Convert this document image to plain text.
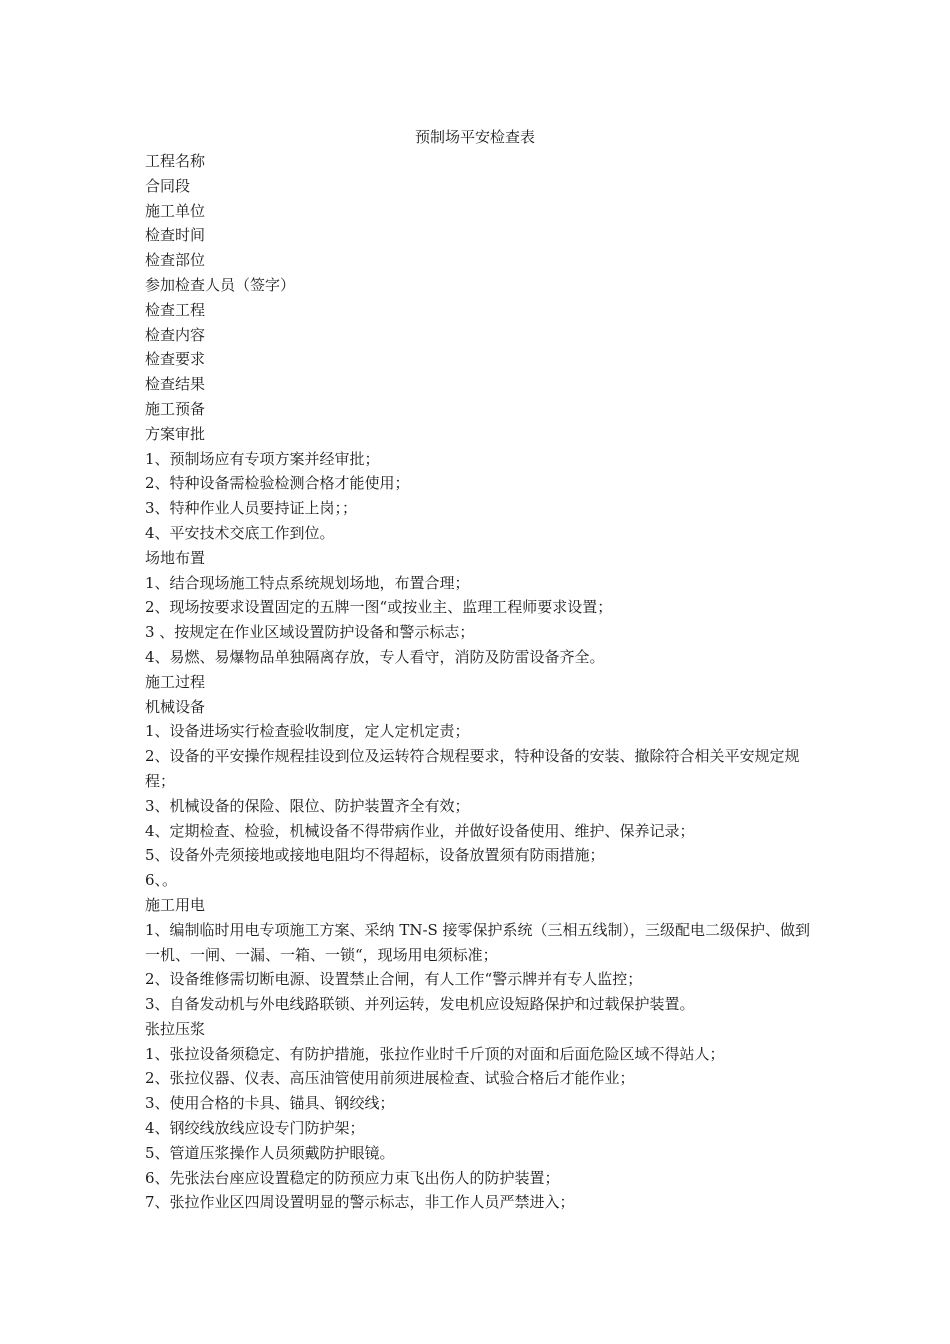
预制场平安检查表
工程名称
合同段
施工单位
检查时间
检查部位
参加检查人员（签字）
检查工程
检查内容
检查要求
检查结果
施工预备
方案审批
1、预制场应有专项方案并经审批；
2、特种设备需检验检测合格才能使用；
3、特种作业人员要持证上岗；；
4、平安技术交底工作到位。
场地布置
1、结合现场施工特点系统规划场地，布置合理；
2、现场按要求设置固定的五牌一图“或按业主、监理工程师要求设置；
3 、按规定在作业区域设置防护设备和警示标志；
4、易燃、易爆物品单独隔离存放，专人看守，消防及防雷设备齐全。
施工过程
机械设备
1、设备进场实行检查验收制度，定人定机定责；
2、设备的平安操作规程挂设到位及运转符合规程要求，特种设备的安装、撤除符合相关平安规定规程；
3、机械设备的保险、限位、防护装置齐全有效；
4、定期检查、检验，机械设备不得带病作业，并做好设备使用、维护、保养记录；
5、设备外壳须接地或接地电阻均不得超标，设备放置须有防雨措施；
6、。
施工用电
1、编制临时用电专项施工方案、采纳 TN-S 接零保护系统（三相五线制），三级配电二级保护、做到一机、一闸、一漏、一箱、一锁“，现场用电须标准；
2、设备维修需切断电源、设置禁止合闸，有人工作“警示牌并有专人监控；
3、自备发动机与外电线路联锁、并列运转，发电机应设短路保护和过载保护装置。
张拉压浆
1、张拉设备须稳定、有防护措施，张拉作业时千斤顶的对面和后面危险区域不得站人；
2、张拉仪器、仪表、高压油管使用前须进展检查、试验合格后才能作业；
3、使用合格的卡具、锚具、钢绞线；
4、钢绞线放线应设专门防护架；
5、管道压浆操作人员须戴防护眼镜。
6、先张法台座应设置稳定的防预应力束飞出伤人的防护装置；
7、张拉作业区四周设置明显的警示标志，非工作人员严禁进入；
